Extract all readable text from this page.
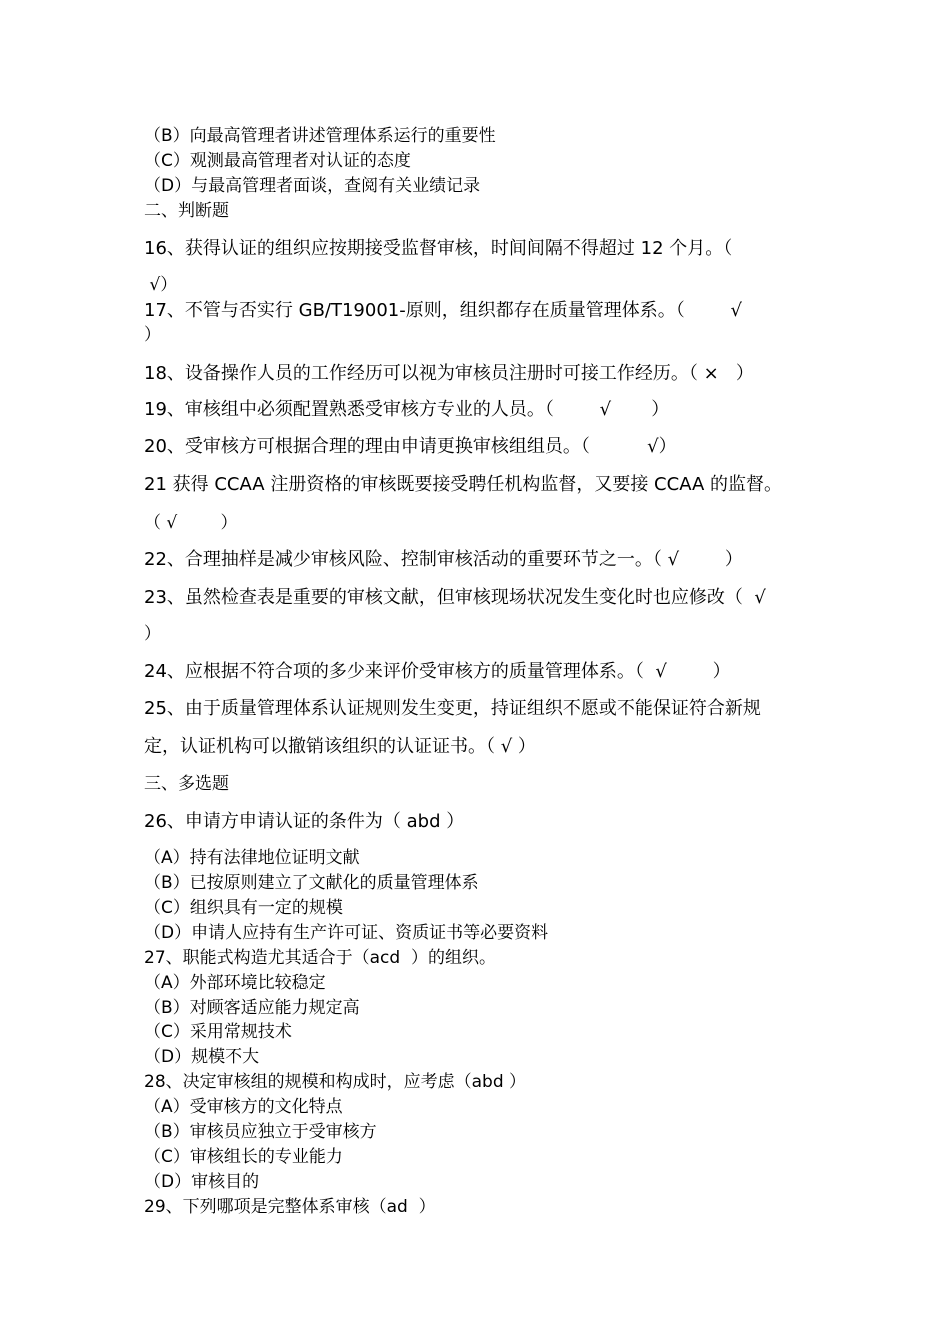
（B）向最高管理者讲述管理体系运行的重要性
（C）观测最高管理者对认证的态度
（D）与最高管理者面谈，查阅有关业绩记录
二、判断题
16、获得认证的组织应按期接受监督审核，时间间隔不得超过 12 个月。（
√）
17、不管与否实行 GB/T19001-原则，组织都存在质量管理体系。（        √
）
18、设备操作人员的工作经历可以视为审核员注册时可接工作经历。（ ×   ）
19、审核组中必须配置熟悉受审核方专业的人员。（        √       ）
20、受审核方可根据合理的理由申请更换审核组组员。（          √）
21 获得 CCAA 注册资格的审核既要接受聘任机构监督，又要接 CCAA 的监督。
（ √        ）
22、合理抽样是减少审核风险、控制审核活动的重要环节之一。（ √        ）
23、虽然检查表是重要的审核文献，但审核现场状况发生变化时也应修改（  √
）
24、应根据不符合项的多少来评价受审核方的质量管理体系。（  √        ）
25、由于质量管理体系认证规则发生变更，持证组织不愿或不能保证符合新规
定，认证机构可以撤销该组织的认证证书。（ √ ）
三、多选题
26、申请方申请认证的条件为（ abd ）
（A）持有法律地位证明文献
（B）已按原则建立了文献化的质量管理体系
（C）组织具有一定的规模
（D）申请人应持有生产许可证、资质证书等必要资料
27、职能式构造尤其适合于（acd  ）的组织。
（A）外部环境比较稳定
（B）对顾客适应能力规定高
（C）采用常规技术
（D）规模不大
28、决定审核组的规模和构成时，应考虑（abd ）
（A）受审核方的文化特点
（B）审核员应独立于受审核方
（C）审核组长的专业能力
（D）审核目的
29、下列哪项是完整体系审核（ad  ）
